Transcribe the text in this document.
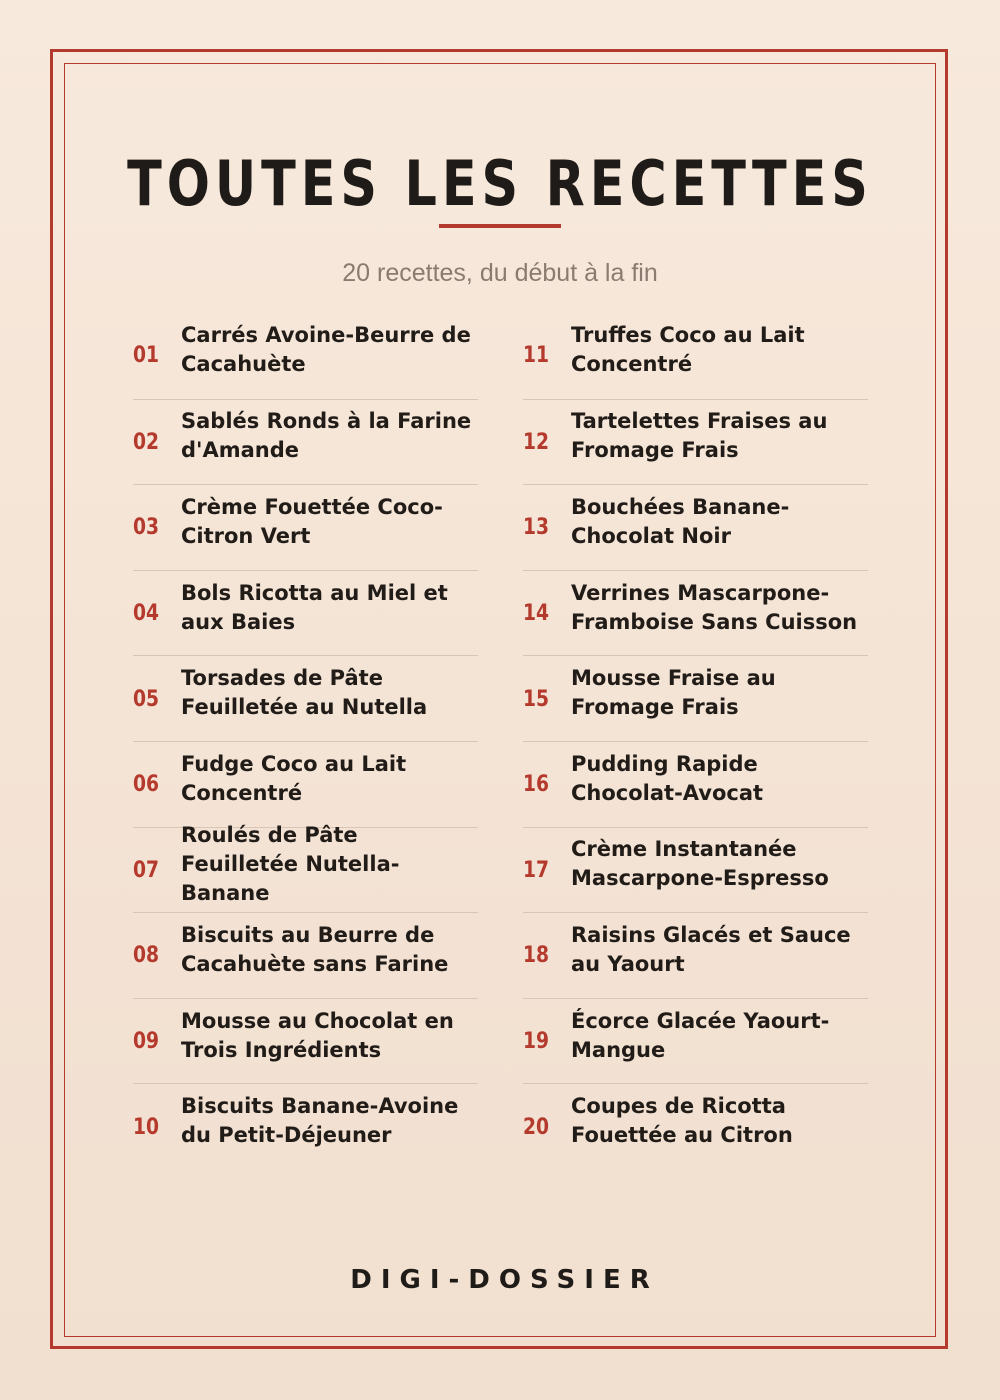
TOUTES LES RECETTES
20 recettes, du début à la fin
01
Carrés Avoine-Beurre de Cacahuète
02
Sablés Ronds à la Farine d'Amande
03
Crème Fouettée Coco-Citron Vert
04
Bols Ricotta au Miel et aux Baies
05
Torsades de Pâte Feuilletée au Nutella
06
Fudge Coco au Lait Concentré
07
Roulés de Pâte Feuilletée Nutella-Banane
08
Biscuits au Beurre de Cacahuète sans Farine
09
Mousse au Chocolat en Trois Ingrédients
10
Biscuits Banane-Avoine du Petit-Déjeuner
11
Truffes Coco au Lait Concentré
12
Tartelettes Fraises au Fromage Frais
13
Bouchées Banane-Chocolat Noir
14
Verrines Mascarpone-Framboise Sans Cuisson
15
Mousse Fraise au Fromage Frais
16
Pudding Rapide Chocolat-Avocat
17
Crème Instantanée Mascarpone-Espresso
18
Raisins Glacés et Sauce au Yaourt
19
Écorce Glacée Yaourt-Mangue
20
Coupes de Ricotta Fouettée au Citron
DIGI-DOSSIER
